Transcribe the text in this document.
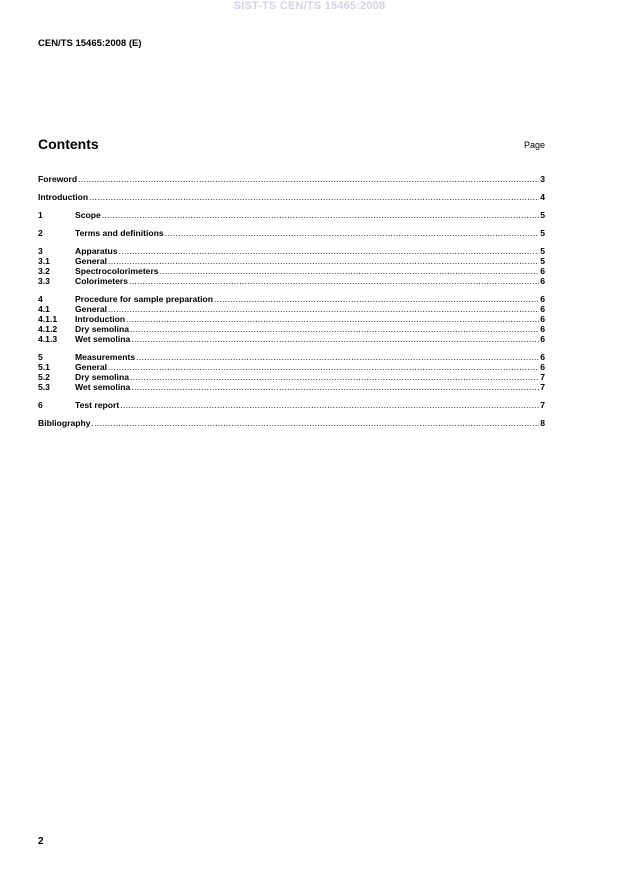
SIST-TS CEN/TS 15465:2008
CEN/TS 15465:2008 (E)
Contents	Page
Foreword .....	3
Introduction .....	4
1	Scope .....	5
2	Terms and definitions .....	5
3	Apparatus .....	5
3.1	General .....	5
3.2	Spectrocolorimeters .....	6
3.3	Colorimeters .....	6
4	Procedure for sample preparation .....	6
4.1	General .....	6
4.1.1	Introduction .....	6
4.1.2	Dry semolina .....	6
4.1.3	Wet semolina .....	6
5	Measurements .....	6
5.1	General .....	6
5.2	Dry semolina .....	7
5.3	Wet semolina .....	7
6	Test report .....	7
Bibliography .....	8
2
